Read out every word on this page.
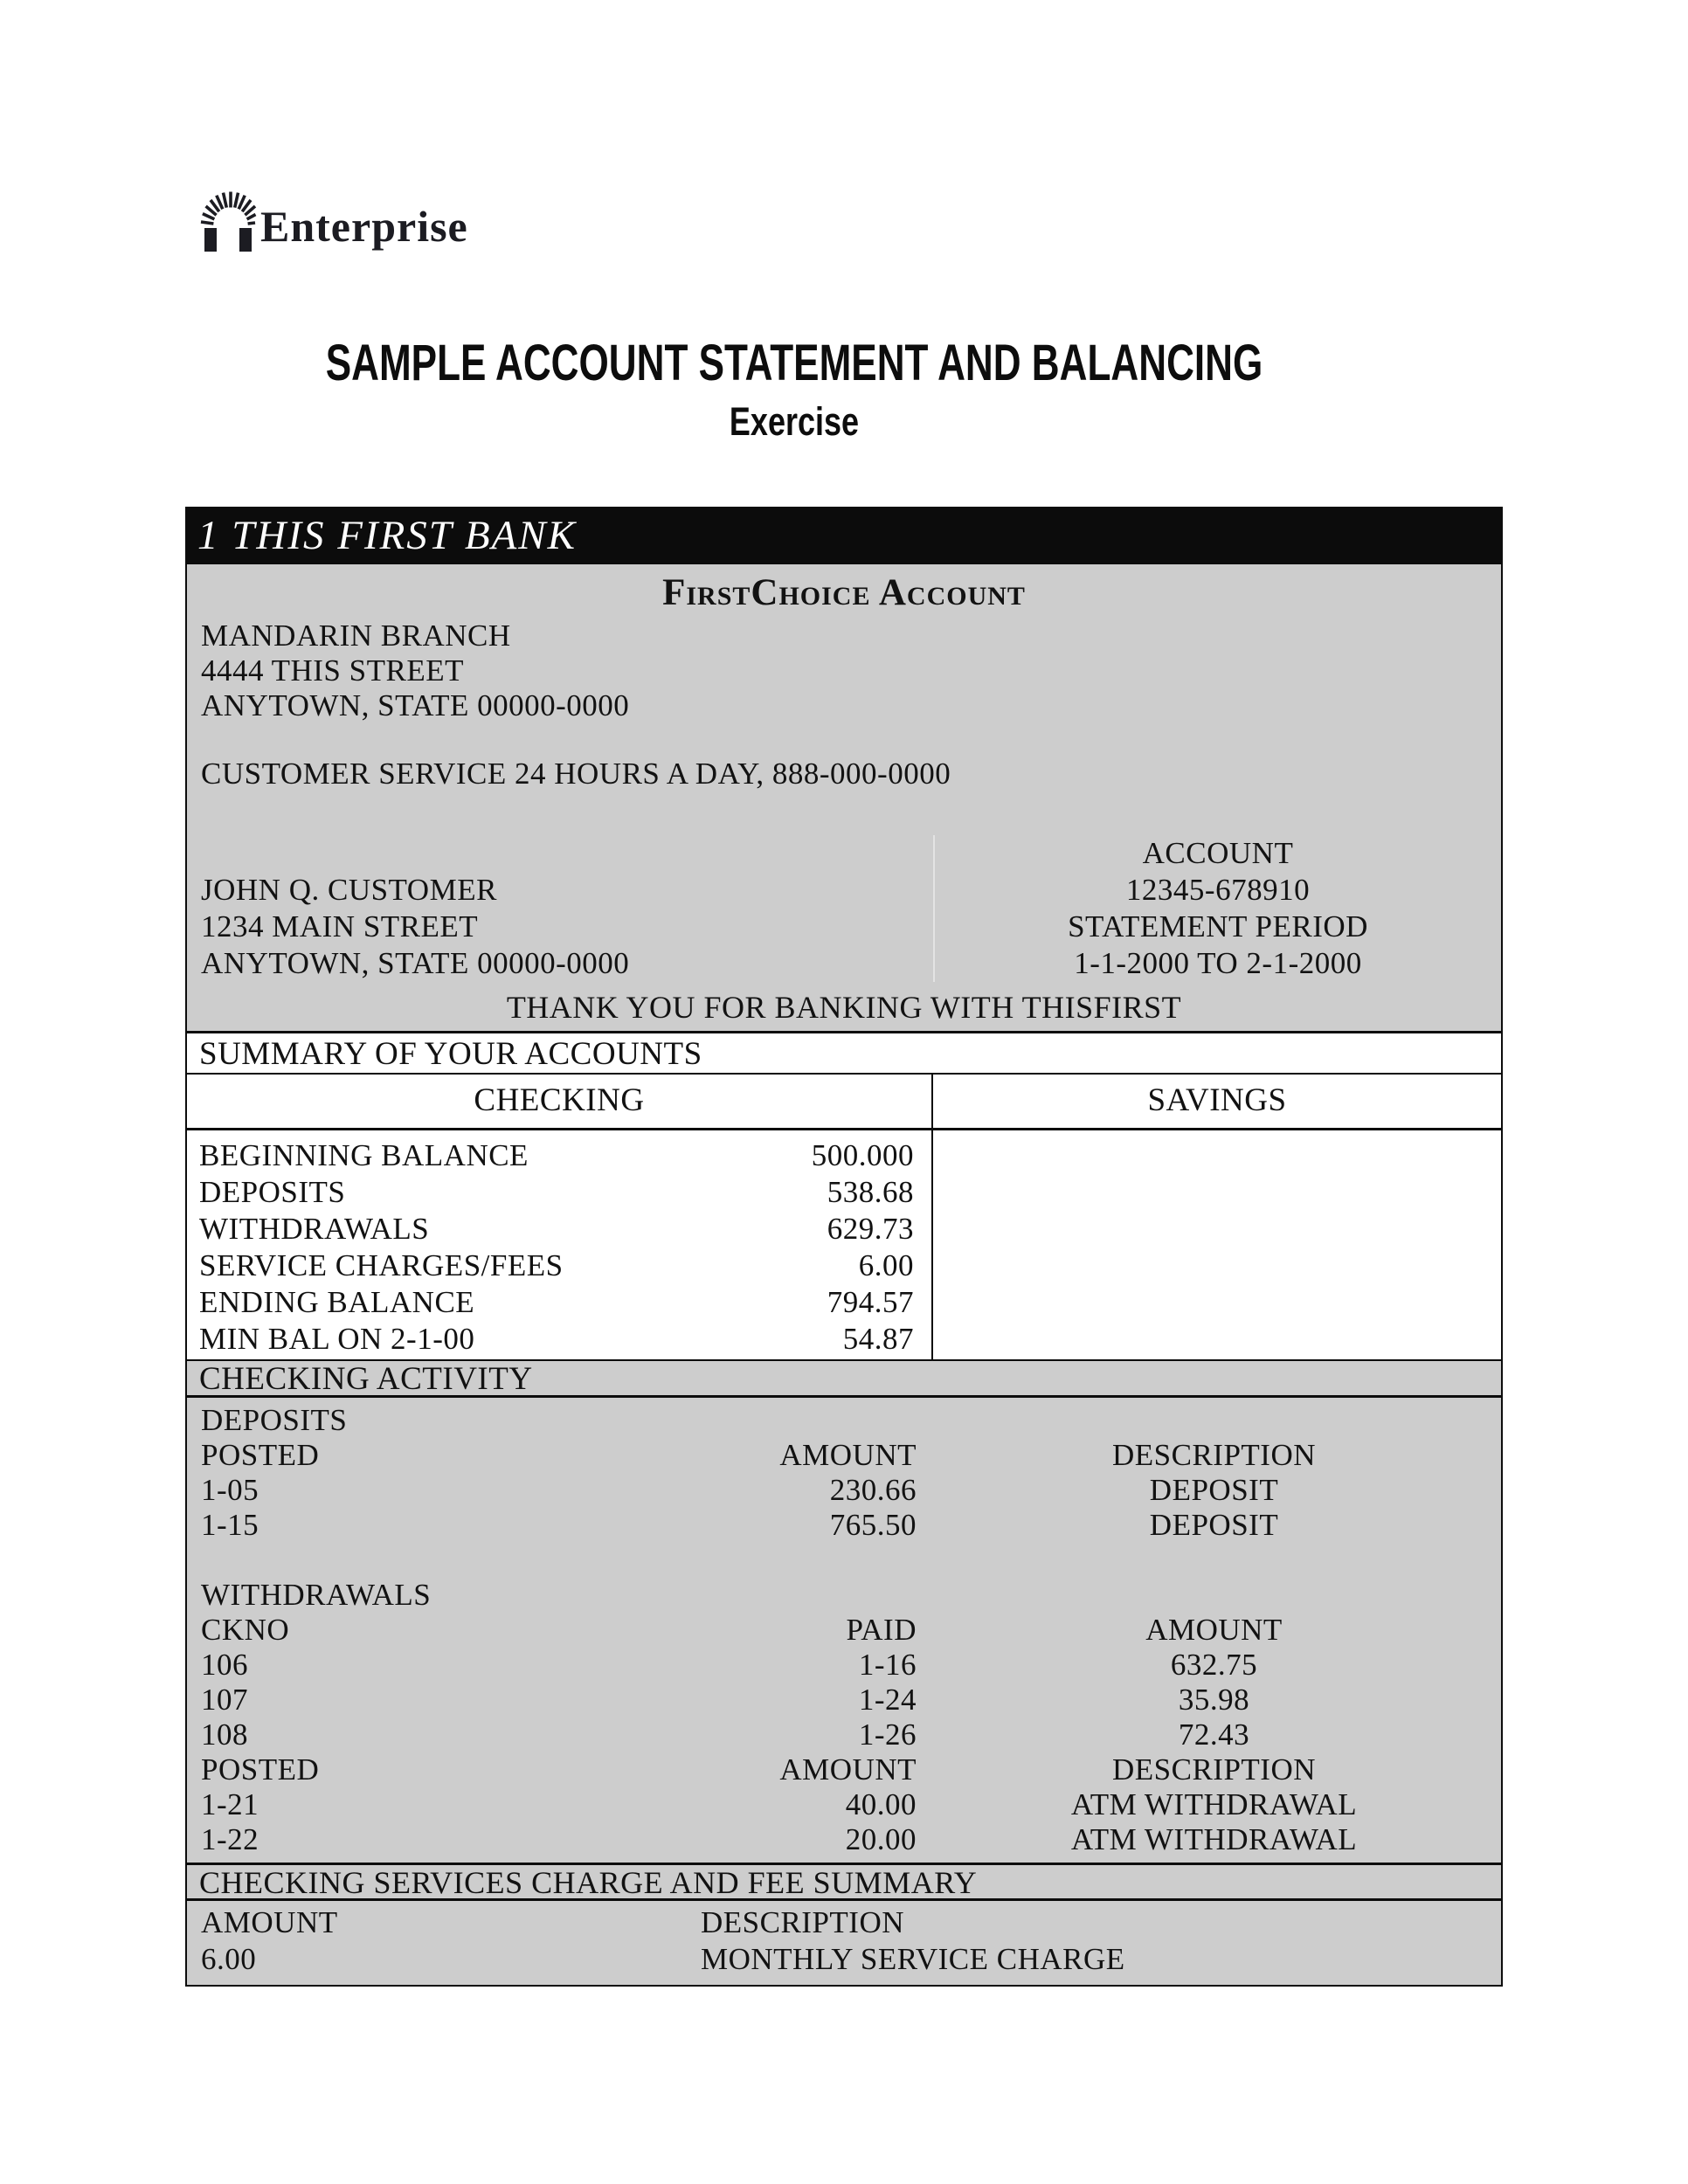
Enterprise
SAMPLE ACCOUNT STATEMENT AND BALANCING
Exercise
1 THIS FIRST BANK
FirstChoice Account
MANDARIN BRANCH
4444 THIS STREET
ANYTOWN, STATE 00000-0000
CUSTOMER SERVICE 24 HOURS A DAY, 888-000-0000
JOHN Q. CUSTOMER
1234 MAIN STREET
ANYTOWN, STATE 00000-0000
ACCOUNT
12345-678910
STATEMENT PERIOD
1-1-2000 TO 2-1-2000
THANK YOU FOR BANKING WITH THISFIRST
SUMMARY OF YOUR ACCOUNTS
CHECKING	SAVINGS
BEGINNING BALANCE	500.000
DEPOSITS	538.68
WITHDRAWALS	629.73
SERVICE CHARGES/FEES	6.00
ENDING BALANCE	794.57
MIN BAL ON 2-1-00	54.87
CHECKING ACTIVITY
DEPOSITS
POSTED	AMOUNT	DESCRIPTION
1-05	230.66	DEPOSIT
1-15	765.50	DEPOSIT
WITHDRAWALS
CKNO	PAID	AMOUNT
106	1-16	632.75
107	1-24	35.98
108	1-26	72.43
POSTED	AMOUNT	DESCRIPTION
1-21	40.00	ATM WITHDRAWAL
1-22	20.00	ATM WITHDRAWAL
CHECKING SERVICES CHARGE AND FEE SUMMARY
AMOUNT	DESCRIPTION
6.00	MONTHLY SERVICE CHARGE
